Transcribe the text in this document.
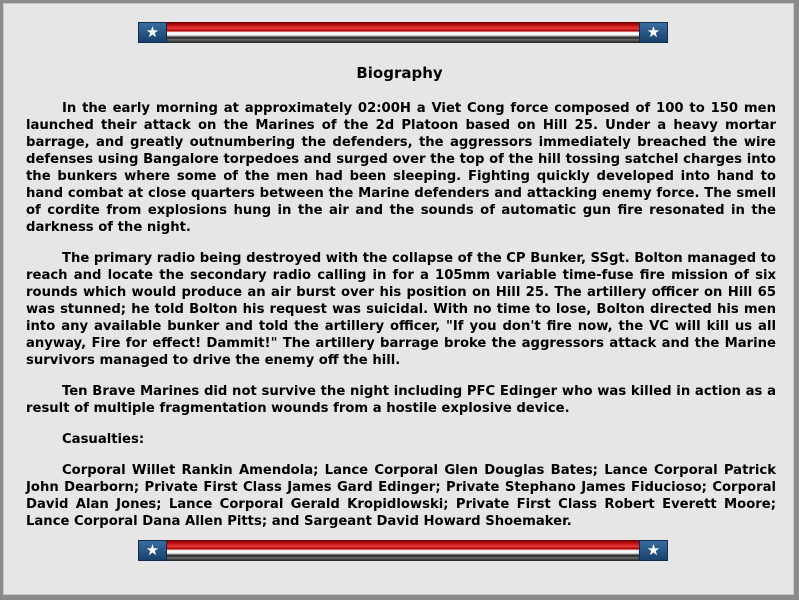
★	★
Biography

In the early morning at approximately 02:00H a Viet Cong force composed of 100 to 150 men launched their attack on the Marines of the 2d Platoon based on Hill 25. Under a heavy mortar barrage, and greatly outnumbering the defenders, the aggressors immediately breached the wire defenses using Bangalore torpedoes and surged over the top of the hill tossing satchel charges into the bunkers where some of the men had been sleeping. Fighting quickly developed into hand to hand combat at close quarters between the Marine defenders and attacking enemy force. The smell of cordite from explosions hung in the air and the sounds of automatic gun fire resonated in the darkness of the night.

The primary radio being destroyed with the collapse of the CP Bunker, SSgt. Bolton managed to reach and locate the secondary radio calling in for a 105mm variable time-fuse fire mission of six rounds which would produce an air burst over his position on Hill 25. The artillery officer on Hill 65 was stunned; he told Bolton his request was suicidal. With no time to lose, Bolton directed his men into any available bunker and told the artillery officer, "If you don't fire now, the VC will kill us all anyway, Fire for effect! Dammit!" The artillery barrage broke the aggressors attack and the Marine survivors managed to drive the enemy off the hill.

Ten Brave Marines did not survive the night including PFC Edinger who was killed in action as a result of multiple fragmentation wounds from a hostile explosive device.

Casualties:

Corporal Willet Rankin Amendola; Lance Corporal Glen Douglas Bates; Lance Corporal Patrick John Dearborn; Private First Class James Gard Edinger; Private Stephano James Fiducioso; Corporal David Alan Jones; Lance Corporal Gerald Kropidlowski; Private First Class Robert Everett Moore; Lance Corporal Dana Allen Pitts; and Sargeant David Howard Shoemaker.

★	★
